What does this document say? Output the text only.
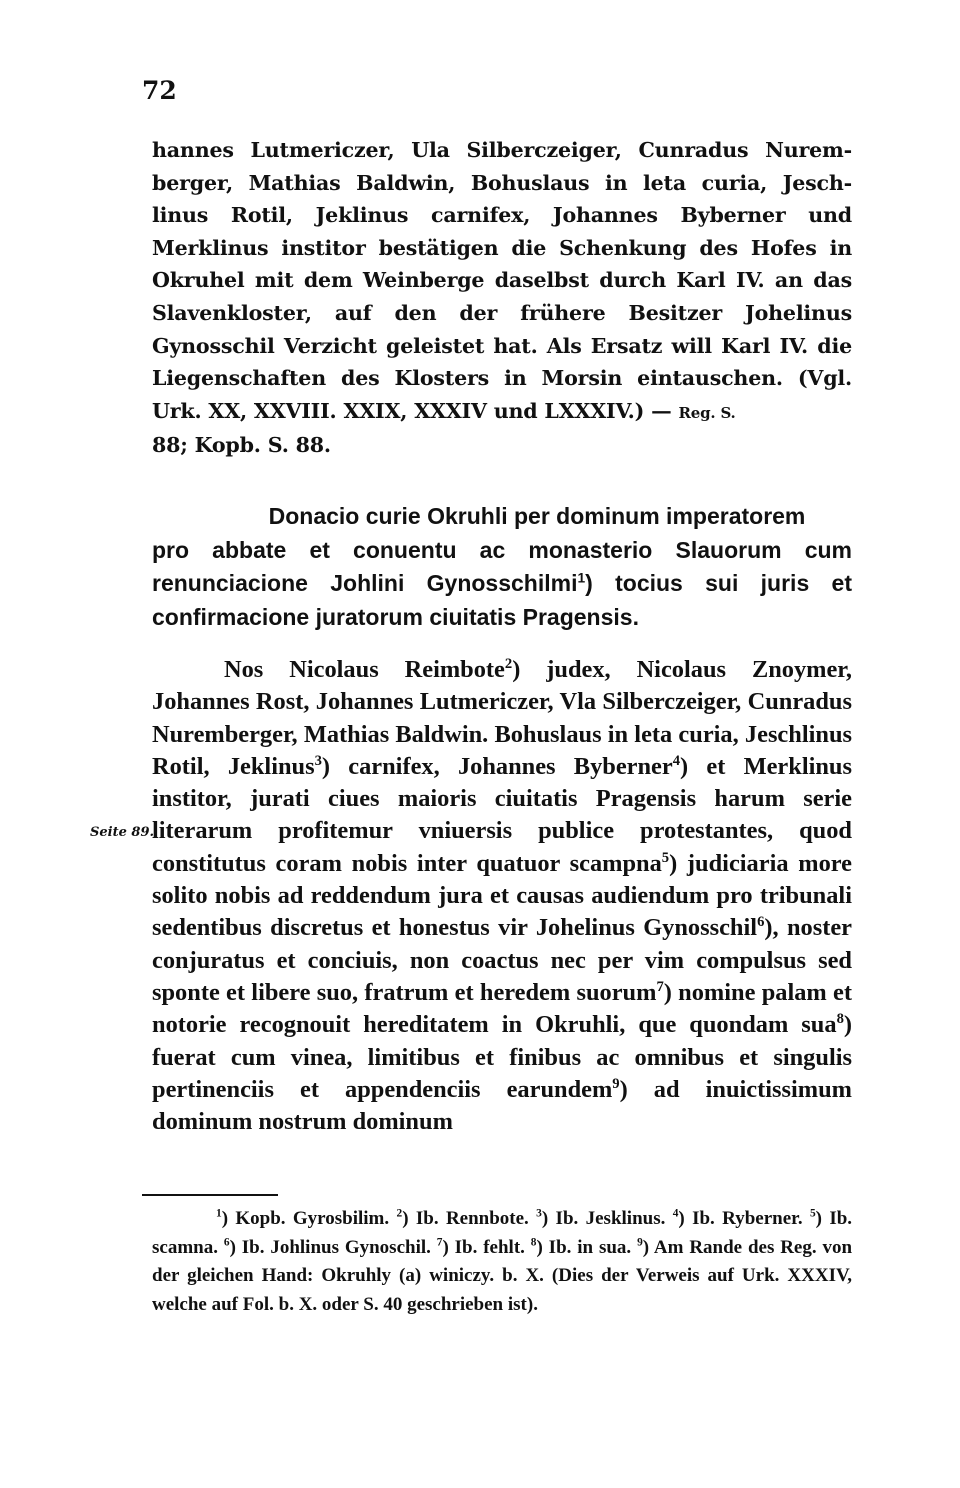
72
hannes Lutmericzer, Ula Silberczeiger, Cunradus Nurem- berger, Mathias Baldwin, Bohuslaus in leta curia, Jesch- linus Rotil, Jeklinus carnifex, Johannes Byberner und Merklinus institor bestätigen die Schenkung des Hofes in Okruhel mit dem Weinberge daselbst durch Karl IV. an das Slavenkloster, auf den der frühere Besitzer Johelinus Gynosschil Verzicht geleistet hat. Als Ersatz will Karl IV. die Liegenschaften des Klosters in Morsin eintauschen. (Vgl. Urk. XX, XXVIII. XXIX, XXXIV und LXXXIV.) — Reg. S.
88; Kopb. S. 88.
Donacio curie Okruhli per dominum imperatorem
pro abbate et conuentu ac monasterio Slauorum cum renunciacione Johlini Gynosschilmi$^1$) tocius sui juris et confirmacione juratorum ciuitatis Pragensis.
Seite 89.
Nos Nicolaus Reimbote$^2$) judex, Nicolaus Znoymer, Johannes Rost, Johannes Lutmericzer, Vla Silberczeiger, Cunradus Nuremberger, Mathias Baldwin. Bohuslaus in leta curia, Jeschlinus Rotil, Jeklinus$^3$) carnifex, Johannes Byberner$^4$) et Merklinus institor, jurati ciues maioris ciuitatis Pragensis harum serie literarum profitemur vniuersis publice protestantes, quod constitutus coram nobis inter quatuor scampna$^5$) judiciaria more solito nobis ad reddendum jura et causas audiendum pro tribunali sedentibus discretus et honestus vir Johelinus Gynosschil$^6$), noster conjuratus et conciuis, non coactus nec per vim compulsus sed sponte et libere suo, fratrum et heredem suorum$^7$) nomine palam et notorie recognouit hereditatem in Okruhli, que quondam sua$^8$) fuerat cum vinea, limitibus et finibus ac omnibus et singulis pertinenciis et appendenciis earundem$^9$) ad inuictissimum dominum nostrum dominum
$^1$) Kopb. Gyrosbilim. $^2$) Ib. Rennbote. $^3$) Ib. Jesklinus. $^4$) Ib. Ryberner. $^5$) Ib. scamna. $^6$) Ib. Johlinus Gynoschil. $^7$) Ib. fehlt. $^8$) Ib. in sua. $^9$) Am Rande des Reg. von der gleichen Hand: Okruhly (a) winiczy. b. X. (Dies der Verweis auf Urk. XXXIV, welche auf Fol. b. X. oder S. 40 geschrieben ist).
